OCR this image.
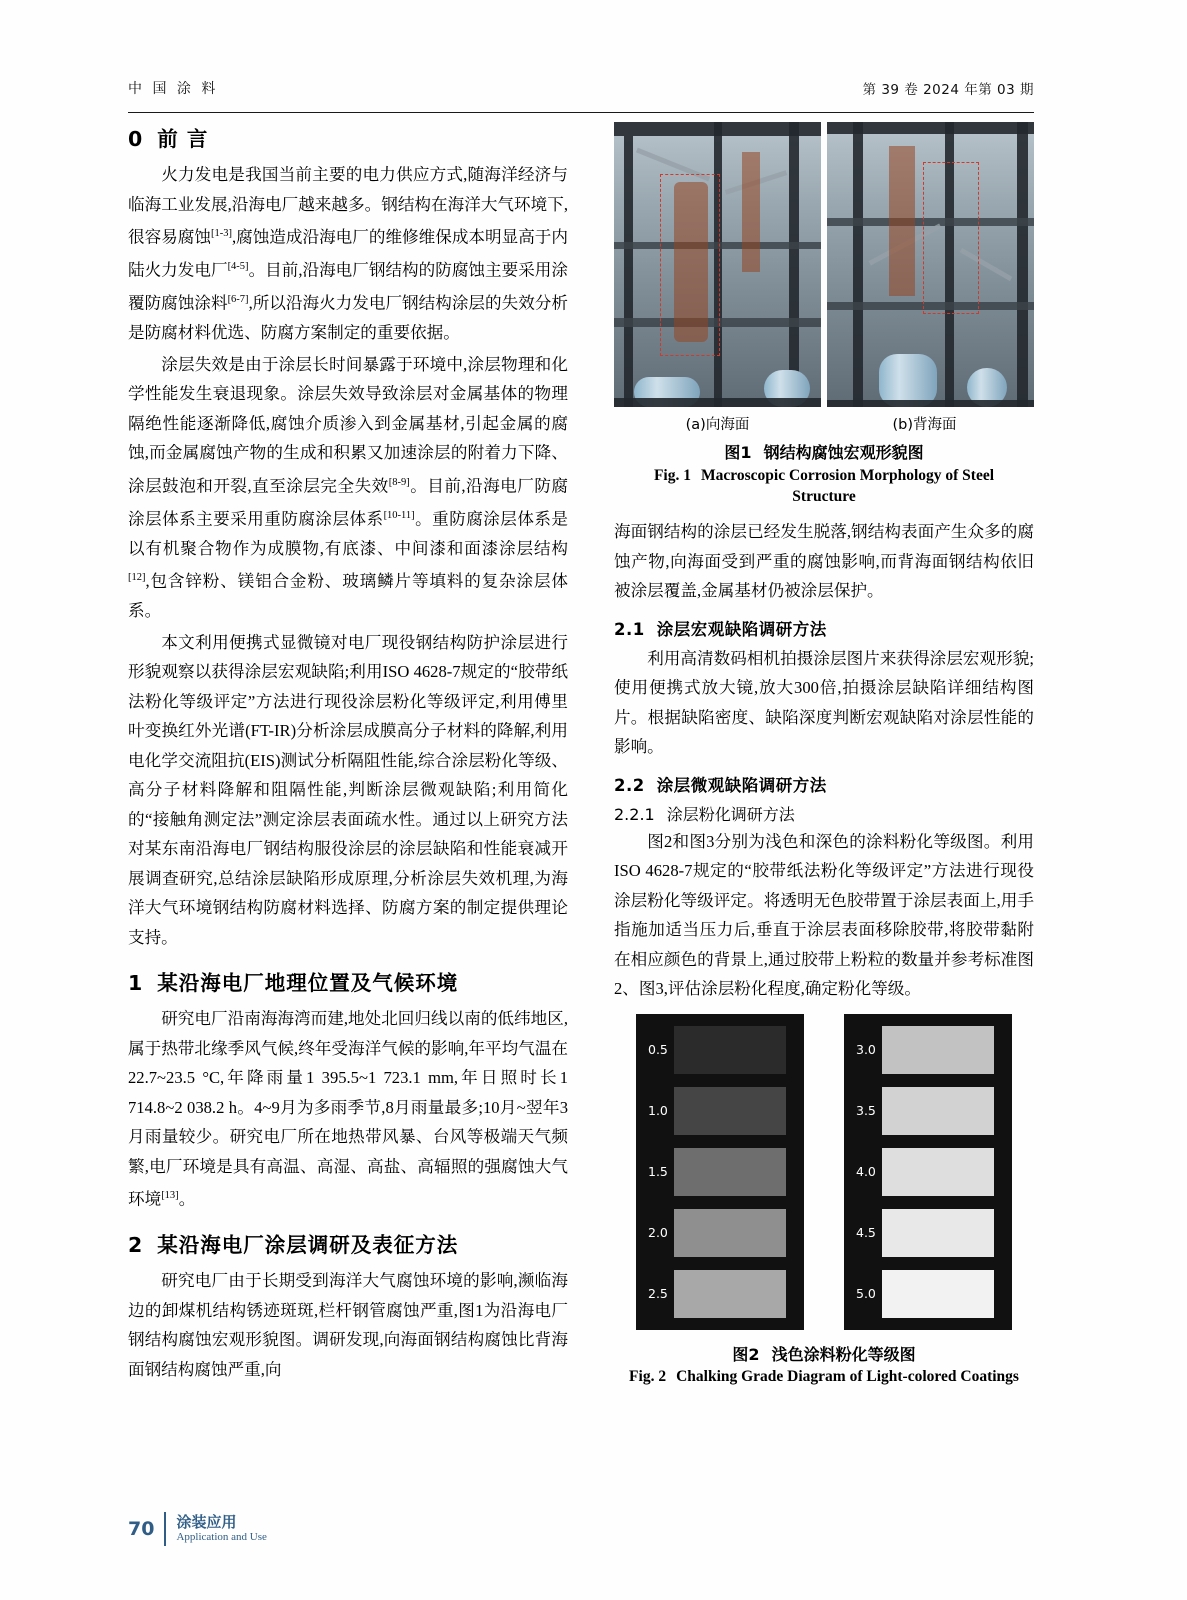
中 国 涂 料	第 39 卷 2024 年第 03 期
0 前 言

火力发电是我国当前主要的电力供应方式,随海洋经济与临海工业发展,沿海电厂越来越多。钢结构在海洋大气环境下,很容易腐蚀[1-3],腐蚀造成沿海电厂的维修维保成本明显高于内陆火力发电厂[4-5]。目前,沿海电厂钢结构的防腐蚀主要采用涂覆防腐蚀涂料[6-7],所以沿海火力发电厂钢结构涂层的失效分析是防腐材料优选、防腐方案制定的重要依据。

涂层失效是由于涂层长时间暴露于环境中,涂层物理和化学性能发生衰退现象。涂层失效导致涂层对金属基体的物理隔绝性能逐渐降低,腐蚀介质渗入到金属基材,引起金属的腐蚀,而金属腐蚀产物的生成和积累又加速涂层的附着力下降、涂层鼓泡和开裂,直至涂层完全失效[8-9]。目前,沿海电厂防腐涂层体系主要采用重防腐涂层体系[10-11]。重防腐涂层体系是以有机聚合物作为成膜物,有底漆、中间漆和面漆涂层结构[12],包含锌粉、镁铝合金粉、玻璃鳞片等填料的复杂涂层体系。

本文利用便携式显微镜对电厂现役钢结构防护涂层进行形貌观察以获得涂层宏观缺陷;利用ISO 4628-7规定的“胶带纸法粉化等级评定”方法进行现役涂层粉化等级评定,利用傅里叶变换红外光谱(FT-IR)分析涂层成膜高分子材料的降解,利用电化学交流阻抗(EIS)测试分析隔阻性能,综合涂层粉化等级、高分子材料降解和阻隔性能,判断涂层微观缺陷;利用简化的“接触角测定法”测定涂层表面疏水性。通过以上研究方法对某东南沿海电厂钢结构服役涂层的涂层缺陷和性能衰减开展调查研究,总结涂层缺陷形成原理,分析涂层失效机理,为海洋大气环境钢结构防腐材料选择、防腐方案的制定提供理论支持。

1 某沿海电厂地理位置及气候环境

研究电厂沿南海海湾而建,地处北回归线以南的低纬地区,属于热带北缘季风气候,终年受海洋气候的影响,年平均气温在22.7~23.5 °C,年降雨量1 395.5~1 723.1 mm,年日照时长1 714.8~2 038.2 h。4~9月为多雨季节,8月雨量最多;10月~翌年3月雨量较少。研究电厂所在地热带风暴、台风等极端天气频繁,电厂环境是具有高温、高湿、高盐、高辐照的强腐蚀大气环境[13]。

2 某沿海电厂涂层调研及表征方法

研究电厂由于长期受到海洋大气腐蚀环境的影响,濒临海边的卸煤机结构锈迹斑斑,栏杆钢管腐蚀严重,图1为沿海电厂钢结构腐蚀宏观形貌图。调研发现,向海面钢结构腐蚀比背海面钢结构腐蚀严重,向

(a)向海面	(b)背海面
图1 钢结构腐蚀宏观形貌图
Fig. 1 Macroscopic Corrosion Morphology of Steel
Structure

海面钢结构的涂层已经发生脱落,钢结构表面产生众多的腐蚀产物,向海面受到严重的腐蚀影响,而背海面钢结构依旧被涂层覆盖,金属基材仍被涂层保护。

2.1 涂层宏观缺陷调研方法

利用高清数码相机拍摄涂层图片来获得涂层宏观形貌;使用便携式放大镜,放大300倍,拍摄涂层缺陷详细结构图片。根据缺陷密度、缺陷深度判断宏观缺陷对涂层性能的影响。

2.2 涂层微观缺陷调研方法
2.2.1 涂层粉化调研方法

图2和图3分别为浅色和深色的涂料粉化等级图。利用ISO 4628-7规定的“胶带纸法粉化等级评定”方法进行现役涂层粉化等级评定。将透明无色胶带置于涂层表面上,用手指施加适当压力后,垂直于涂层表面移除胶带,将胶带黏附在相应颜色的背景上,通过胶带上粉粒的数量并参考标准图2、图3,评估涂层粉化程度,确定粉化等级。

0.5
1.0
1.5
2.0
2.5
3.0
3.5
4.0
4.5
5.0
图2 浅色涂料粉化等级图
Fig. 2 Chalking Grade Diagram of Light-colored Coatings
70 涂装应用
Application and Use
